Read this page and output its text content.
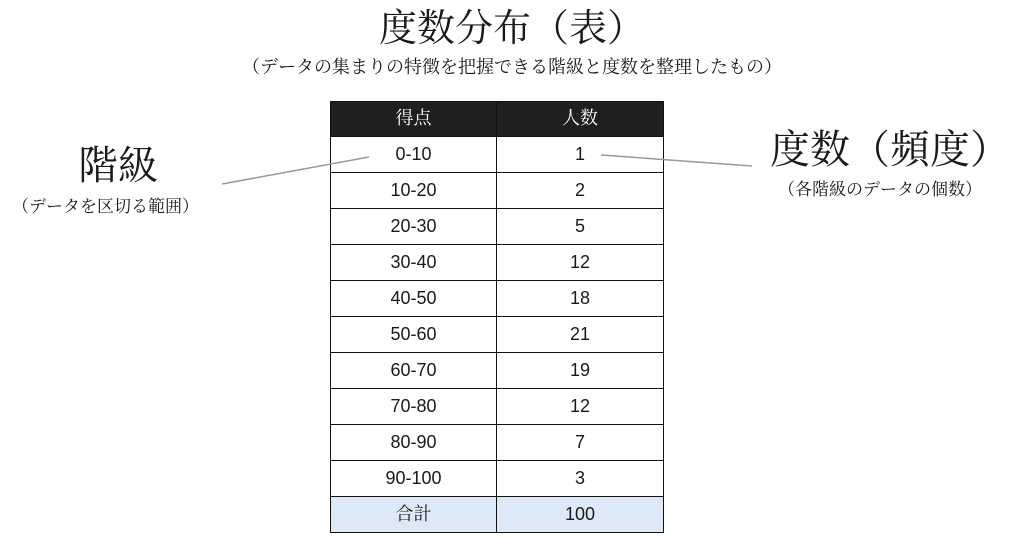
度数分布（表）
（データの集まりの特徴を把握できる階級と度数を整理したもの）
得点	人数
0-10	1
10-20	2
20-30	5
30-40	12
40-50	18
50-60	21
60-70	19
70-80	12
80-90	7
90-100	3
合計	100
階級
（データを区切る範囲）
度数（頻度）
（各階級のデータの個数）
